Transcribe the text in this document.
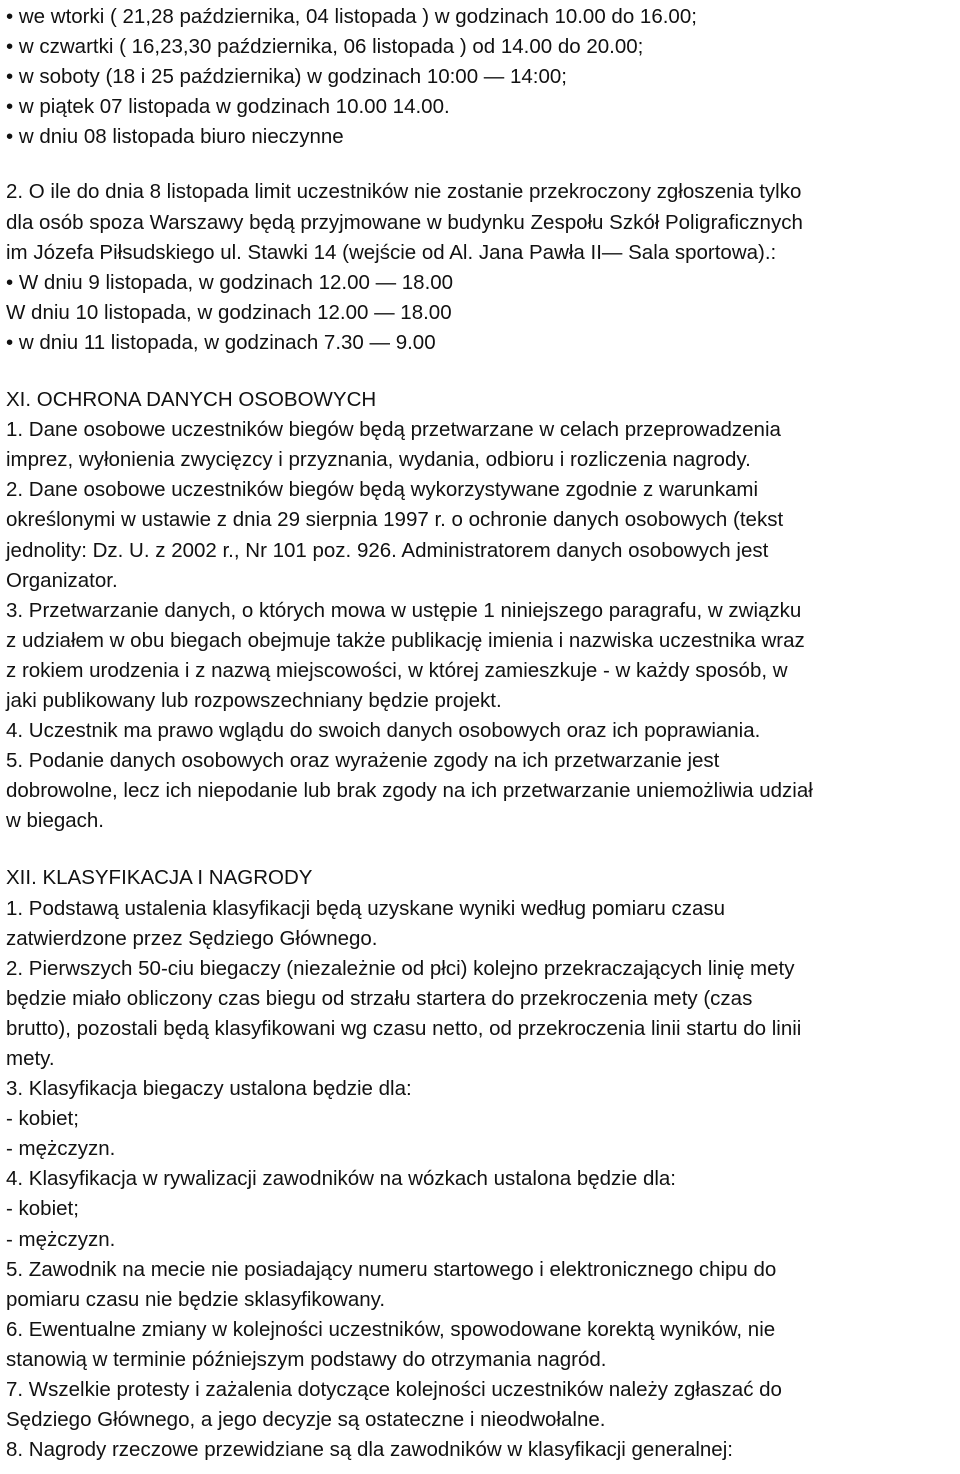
• we wtorki ( 21,28 października, 04 listopada ) w godzinach 10.00 do 16.00;
• w czwartki ( 16,23,30 października, 06 listopada ) od 14.00 do 20.00;
• w soboty (18 i 25 października) w godzinach 10:00 — 14:00;
• w piątek 07 listopada w godzinach 10.00 14.00.
• w dniu 08 listopada biuro nieczynne
2. O ile do dnia 8 listopada limit uczestników nie zostanie przekroczony zgłoszenia tylko
dla osób spoza Warszawy będą przyjmowane w budynku Zespołu Szkół Poligraficznych
im Józefa Piłsudskiego ul. Stawki 14 (wejście od Al. Jana Pawła II— Sala sportowa).:
• W dniu 9 listopada, w godzinach 12.00 — 18.00
W dniu 10 listopada, w godzinach 12.00 — 18.00
• w dniu 11 listopada, w godzinach 7.30 — 9.00
XI. OCHRONA DANYCH OSOBOWYCH
1. Dane osobowe uczestników biegów będą przetwarzane w celach przeprowadzenia
imprez, wyłonienia zwycięzcy i przyznania, wydania, odbioru i rozliczenia nagrody.
2. Dane osobowe uczestników biegów będą wykorzystywane zgodnie z warunkami
określonymi w ustawie z dnia 29 sierpnia 1997 r. o ochronie danych osobowych (tekst
jednolity: Dz. U. z 2002 r., Nr 101 poz. 926. Administratorem danych osobowych jest
Organizator.
3. Przetwarzanie danych, o których mowa w ustępie 1 niniejszego paragrafu, w związku
z udziałem w obu biegach obejmuje także publikację imienia i nazwiska uczestnika wraz
z rokiem urodzenia i z nazwą miejscowości, w której zamieszkuje - w każdy sposób, w
jaki publikowany lub rozpowszechniany będzie projekt.
4. Uczestnik ma prawo wglądu do swoich danych osobowych oraz ich poprawiania.
5. Podanie danych osobowych oraz wyrażenie zgody na ich przetwarzanie jest
dobrowolne, lecz ich niepodanie lub brak zgody na ich przetwarzanie uniemożliwia udział
w biegach.
XII. KLASYFIKACJA I NAGRODY
1. Podstawą ustalenia klasyfikacji będą uzyskane wyniki według pomiaru czasu
zatwierdzone przez Sędziego Głównego.
2. Pierwszych 50-ciu biegaczy (niezależnie od płci) kolejno przekraczających linię mety
będzie miało obliczony czas biegu od strzału startera do przekroczenia mety (czas
brutto), pozostali będą klasyfikowani wg czasu netto, od przekroczenia linii startu do linii
mety.
3. Klasyfikacja biegaczy ustalona będzie dla:
- kobiet;
- mężczyzn.
4. Klasyfikacja w rywalizacji zawodników na wózkach ustalona będzie dla:
- kobiet;
- mężczyzn.
5. Zawodnik na mecie nie posiadający numeru startowego i elektronicznego chipu do
pomiaru czasu nie będzie sklasyfikowany.
6. Ewentualne zmiany w kolejności uczestników, spowodowane korektą wyników, nie
stanowią w terminie późniejszym podstawy do otrzymania nagród.
7. Wszelkie protesty i zażalenia dotyczące kolejności uczestników należy zgłaszać do
Sędziego Głównego, a jego decyzje są ostateczne i nieodwołalne.
8. Nagrody rzeczowe przewidziane są dla zawodników w klasyfikacji generalnej:
